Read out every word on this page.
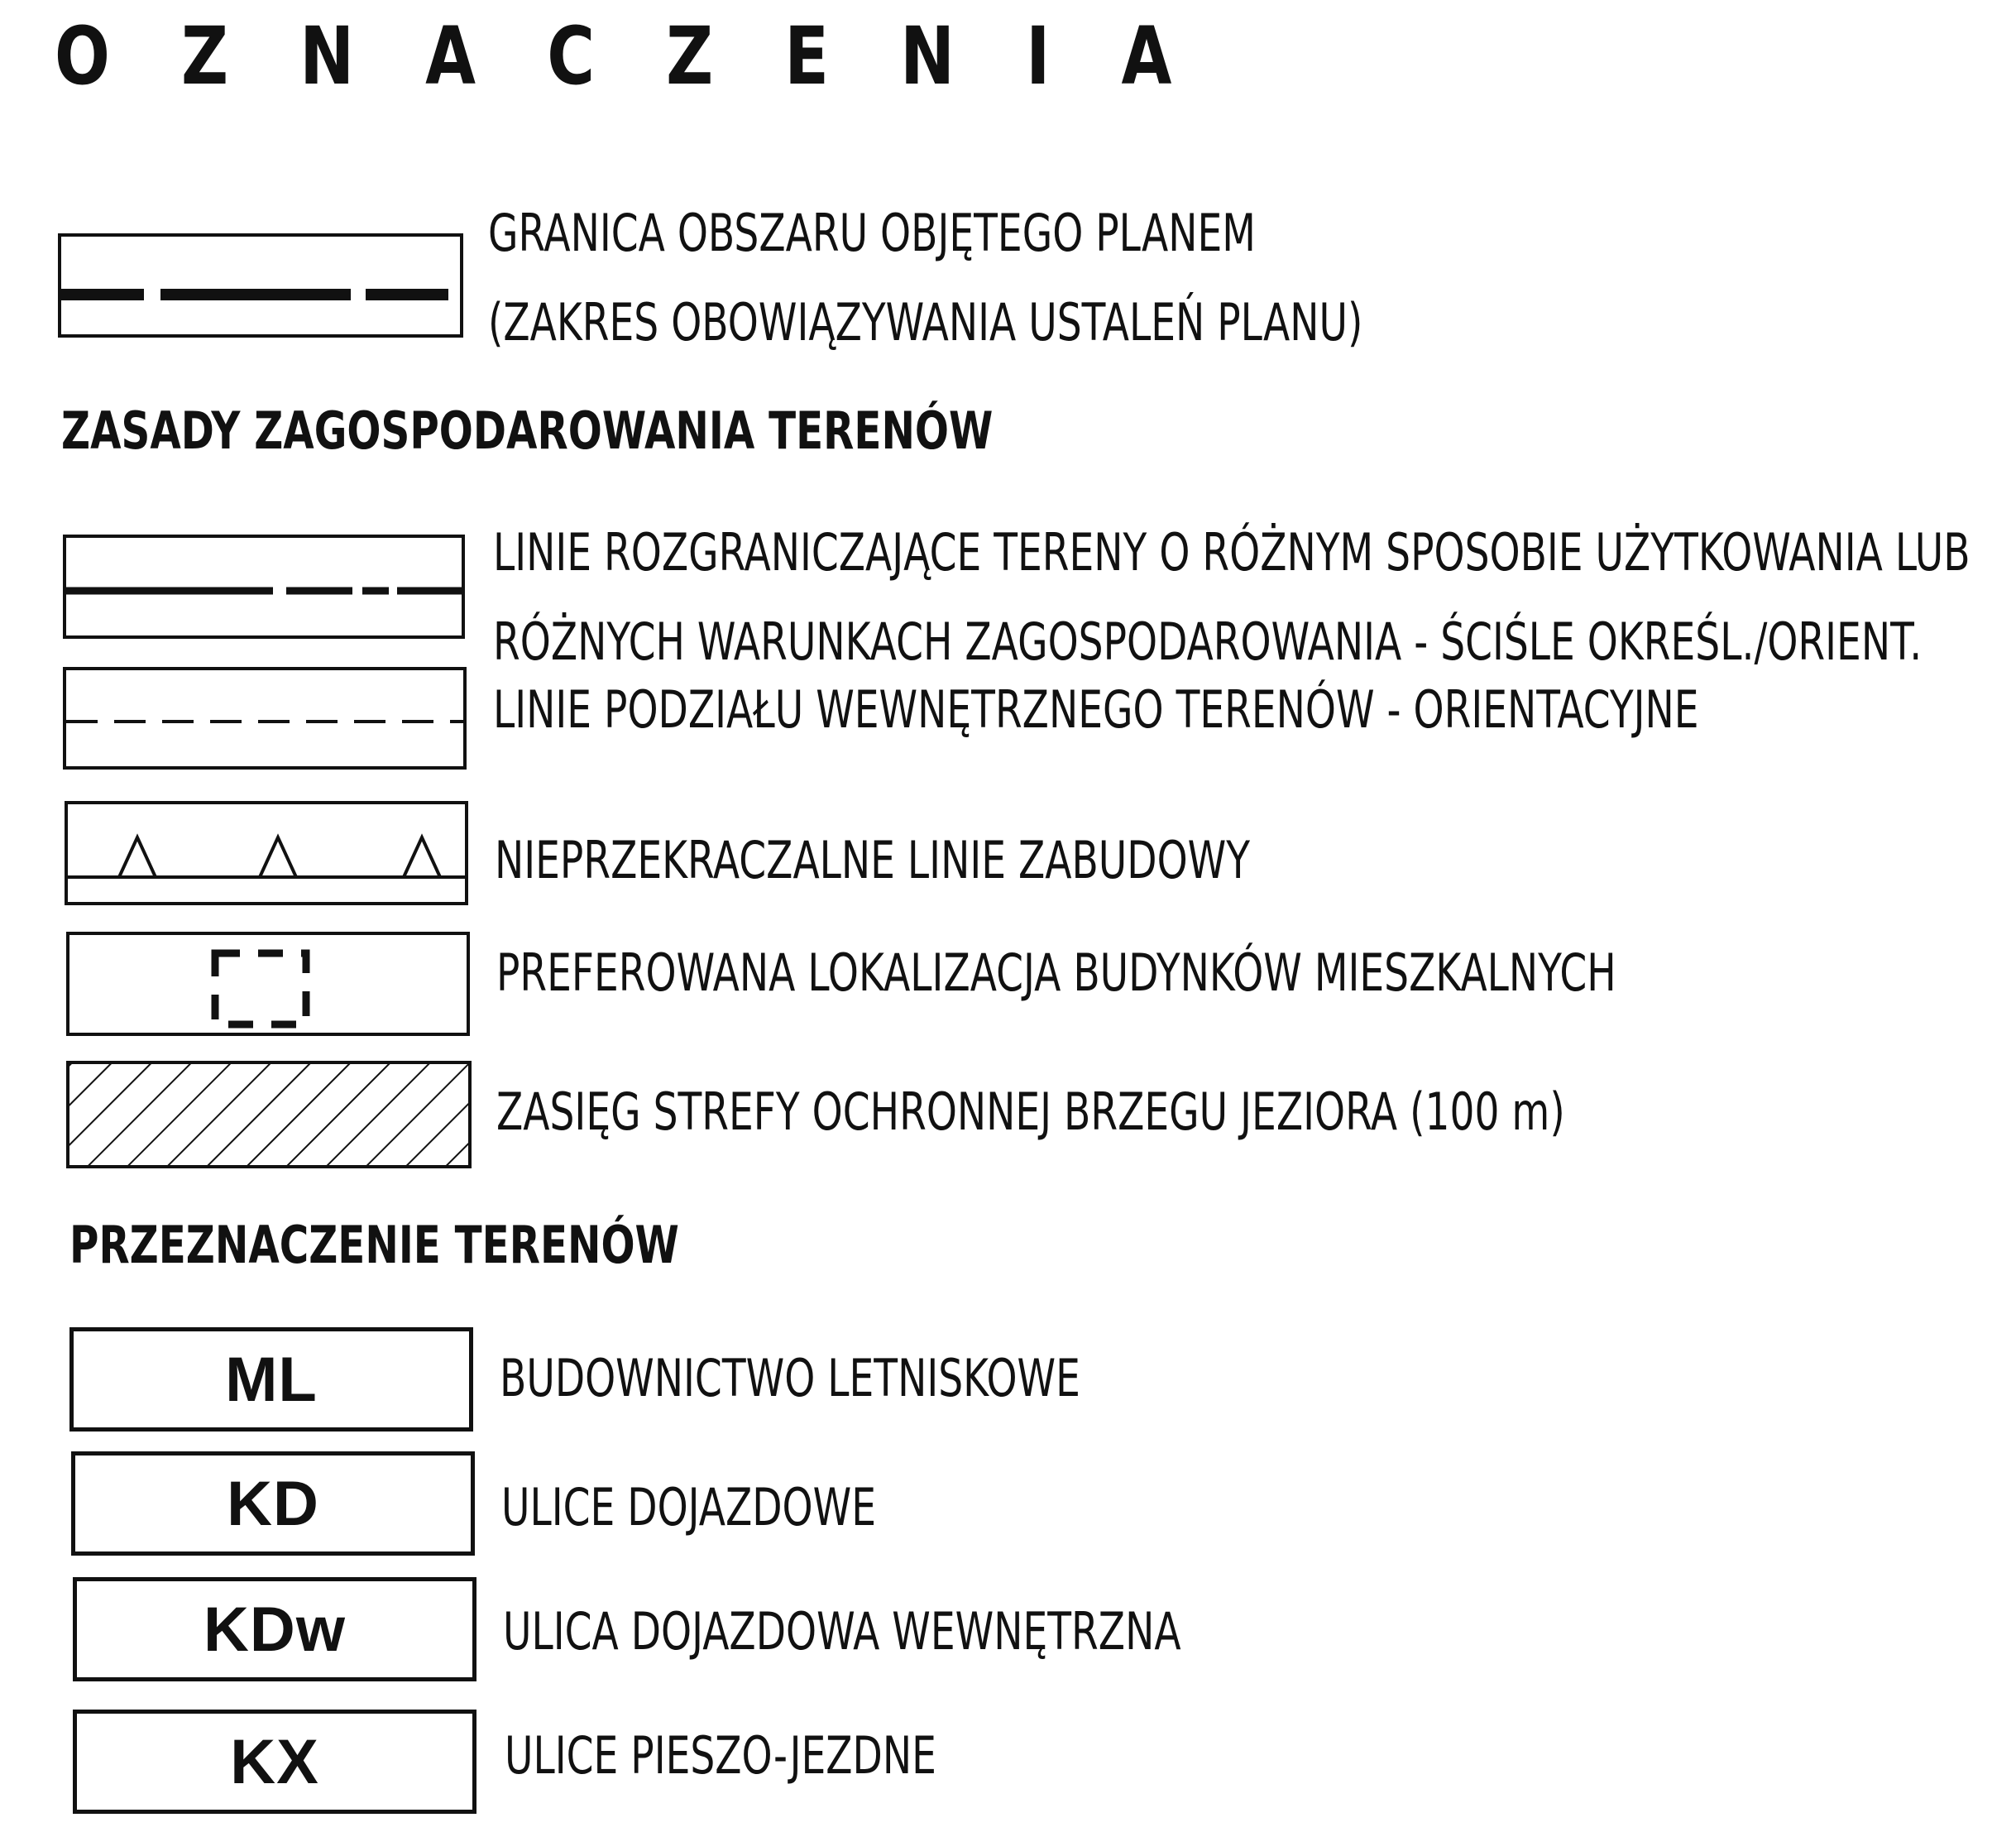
OZNACZENIA
GRANICA OBSZARU OBJĘTEGO PLANEM
(ZAKRES OBOWIĄZYWANIA USTALEŃ PLANU)
ZASADY ZAGOSPODAROWANIA TERENÓW
LINIE ROZGRANICZAJĄCE TERENY O RÓŻNYM SPOSOBIE UŻYTKOWANIA LUB
RÓŻNYCH WARUNKACH ZAGOSPODAROWANIA - ŚCIŚLE OKREŚL./ORIENT.
LINIE PODZIAŁU WEWNĘTRZNEGO TERENÓW - ORIENTACYJNE
NIEPRZEKRACZALNE LINIE ZABUDOWY
PREFEROWANA LOKALIZACJA BUDYNKÓW MIESZKALNYCH
ZASIĘG STREFY OCHRONNEJ BRZEGU JEZIORA (100 m)
PRZEZNACZENIE TERENÓW
ML	BUDOWNICTWO LETNISKOWE
KD	ULICE DOJAZDOWE
KDw	ULICA DOJAZDOWA WEWNĘTRZNA
KX	ULICE PIESZO-JEZDNE
